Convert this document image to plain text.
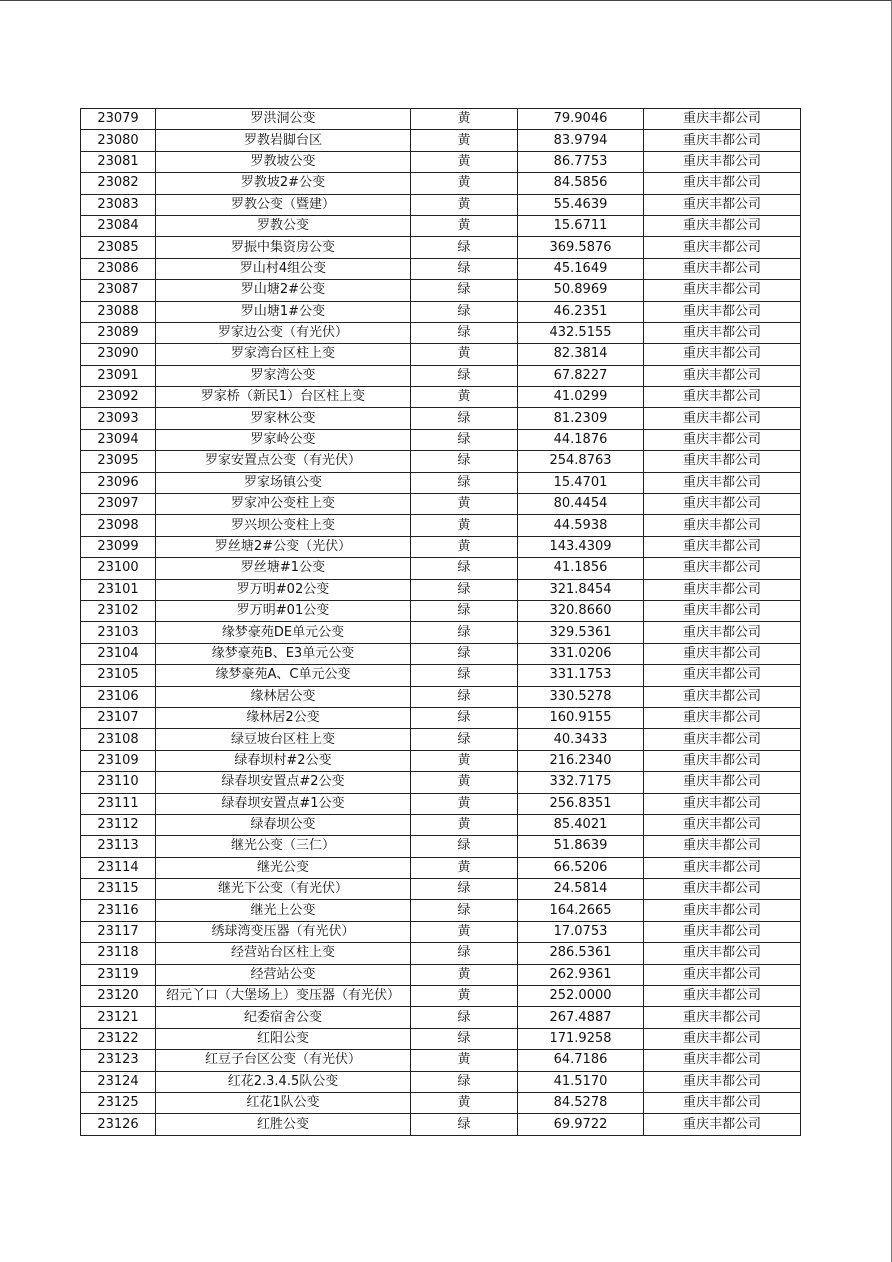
23079	罗洪洞公变	黄	79.9046	重庆丰都公司
23080	罗教岩脚台区	黄	83.9794	重庆丰都公司
23081	罗教坡公变	黄	86.7753	重庆丰都公司
23082	罗教坡2#公变	黄	84.5856	重庆丰都公司
23083	罗教公变（暨建）	黄	55.4639	重庆丰都公司
23084	罗教公变	黄	15.6711	重庆丰都公司
23085	罗振中集资房公变	绿	369.5876	重庆丰都公司
23086	罗山村4组公变	绿	45.1649	重庆丰都公司
23087	罗山塘2#公变	绿	50.8969	重庆丰都公司
23088	罗山塘1#公变	绿	46.2351	重庆丰都公司
23089	罗家边公变（有光伏）	绿	432.5155	重庆丰都公司
23090	罗家湾台区柱上变	黄	82.3814	重庆丰都公司
23091	罗家湾公变	绿	67.8227	重庆丰都公司
23092	罗家桥（新民1）台区柱上变	黄	41.0299	重庆丰都公司
23093	罗家林公变	绿	81.2309	重庆丰都公司
23094	罗家岭公变	绿	44.1876	重庆丰都公司
23095	罗家安置点公变（有光伏）	绿	254.8763	重庆丰都公司
23096	罗家场镇公变	绿	15.4701	重庆丰都公司
23097	罗家冲公变柱上变	黄	80.4454	重庆丰都公司
23098	罗兴坝公变柱上变	黄	44.5938	重庆丰都公司
23099	罗丝塘2#公变（光伏）	黄	143.4309	重庆丰都公司
23100	罗丝塘#1公变	绿	41.1856	重庆丰都公司
23101	罗万明#02公变	绿	321.8454	重庆丰都公司
23102	罗万明#01公变	绿	320.8660	重庆丰都公司
23103	缘梦豪苑DE单元公变	绿	329.5361	重庆丰都公司
23104	缘梦豪苑B、E3单元公变	绿	331.0206	重庆丰都公司
23105	缘梦豪苑A、C单元公变	绿	331.1753	重庆丰都公司
23106	缘林居公变	绿	330.5278	重庆丰都公司
23107	缘林居2公变	绿	160.9155	重庆丰都公司
23108	绿豆坡台区柱上变	绿	40.3433	重庆丰都公司
23109	绿春坝村#2公变	黄	216.2340	重庆丰都公司
23110	绿春坝安置点#2公变	黄	332.7175	重庆丰都公司
23111	绿春坝安置点#1公变	黄	256.8351	重庆丰都公司
23112	绿春坝公变	黄	85.4021	重庆丰都公司
23113	继光公变（三仁）	绿	51.8639	重庆丰都公司
23114	继光公变	黄	66.5206	重庆丰都公司
23115	继光下公变（有光伏）	绿	24.5814	重庆丰都公司
23116	继光上公变	绿	164.2665	重庆丰都公司
23117	绣球湾变压器（有光伏）	黄	17.0753	重庆丰都公司
23118	经营站台区柱上变	绿	286.5361	重庆丰都公司
23119	经营站公变	黄	262.9361	重庆丰都公司
23120	绍元丫口（大堡场上）变压器（有光伏）	黄	252.0000	重庆丰都公司
23121	纪委宿舍公变	绿	267.4887	重庆丰都公司
23122	红阳公变	绿	171.9258	重庆丰都公司
23123	红豆子台区公变（有光伏）	黄	64.7186	重庆丰都公司
23124	红花2.3.4.5队公变	绿	41.5170	重庆丰都公司
23125	红花1队公变	黄	84.5278	重庆丰都公司
23126	红胜公变	绿	69.9722	重庆丰都公司
